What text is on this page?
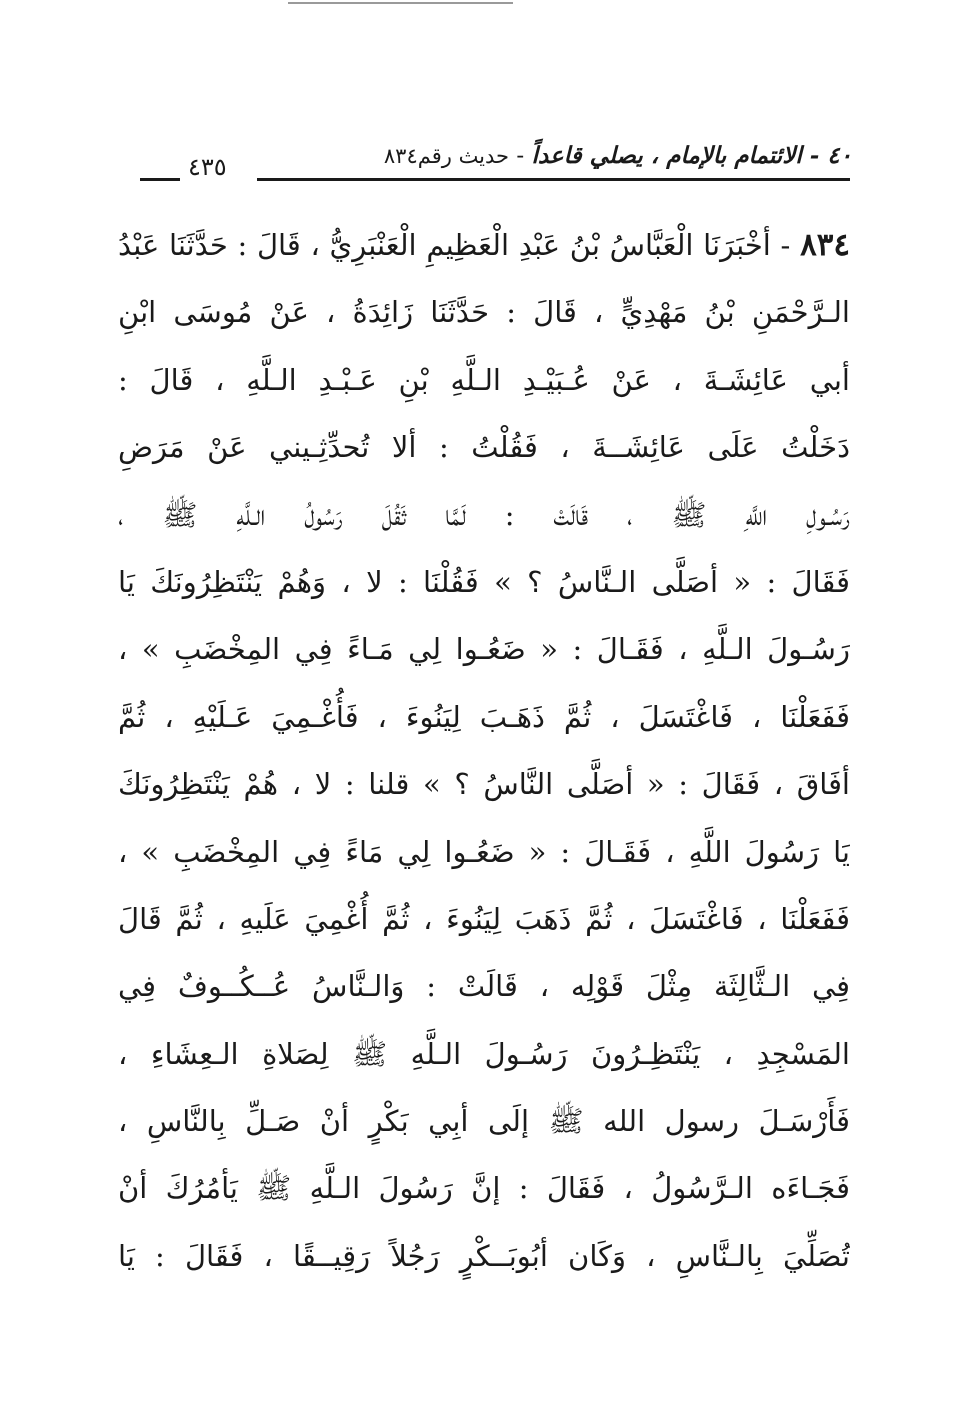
٤٠ - الائتمام بالإمام ، يصلي قاعداً - حديث رقم٨٣٤
٤٣٥
٨٣٤ - أخْبَرَنَا الْعَبَّاسُ بْنُ عَبْدِ الْعَظِيمِ الْعَنْبَرِيُّ ، قَالَ : حَدَّثَنَا عَبْدُ
الـرَّحْمَنِ بْنُ مَهْدِيٍّ ، قَالَ : حَدَّثَنَا زَائِدَةُ ، عَنْ مُوسَى ابْنِ
أبي عَائِشَـةَ ، عَنْ عُـبَيْـدِ الـلَّهِ بْنِ عَـبْـدِ الـلَّهِ ، قَالَ :
دَخَلْتُ عَلَى عَائِشَــةَ ، فَقُلْتُ : ألا تُحدِّثِـيني عَنْ مَرَضِ
رَسُـولِ اللَّهِ ﷺ ، قَالَتْ : لَمَّا ثَقُلَ رَسُولُ الـلَّهِ ﷺ ،
فَقَالَ : « أصَلَّى الـنَّاسُ ؟ » فَقُلْنَا : لا ، وَهُمْ يَنْتَظِرُونَكَ يَا
رَسُـولَ الـلَّهِ ، فَقَـالَ : « ضَعُـوا لِي مَـاءً فِي المِخْضَبِ » ،
فَفَعَلْنَا ، فَاغْتَسَلَ ، ثُمَّ ذَهَـبَ لِيَنُوءَ ، فَأُغْـمِيَ عَـلَيْهِ ، ثُمَّ
أفَاقَ ، فَقَالَ : « أصَلَّى النَّاسُ ؟ » قلنا : لا ، هُمْ يَنْتَظِرُونَكَ
يَا رَسُولَ اللَّهِ ، فَقَـالَ : « ضَعُـوا لِي مَاءً فِي المِخْضَبِ » ،
فَفَعَلْنَا ، فَاغْتَسَلَ ، ثُمَّ ذَهَبَ لِيَنُوءَ ، ثُمَّ أُغْمِيَ عَلَيهِ ، ثُمَّ قَالَ
فِي الـثَّالِثَة مِثْلَ قَوْلِه ، قَالَتْ : وَالـنَّاسُ عُــكُــوفٌ فِي
المَسْجِدِ ، يَنْتَظِـرُونَ رَسُـولَ الـلَّهِ ﷺ لِصَلاةِ الـعِشَاءِ ،
فَأَرْسَـلَ رسول الله ﷺ إلَى أبِي بَكْرٍ أنْ صَـلِّ بِالنَّاسِ ،
فَجَـاءَه الـرَّسُولُ ، فَقَالَ : إنَّ رَسُولَ الـلَّهِ ﷺ يَأمُرُكَ أنْ
تُصَلِّيَ بِالـنَّاسِ ، وَكَان أبُوبَــكْرٍ رَجُلاً رَقِيــقًا ، فَقَالَ : يَا
